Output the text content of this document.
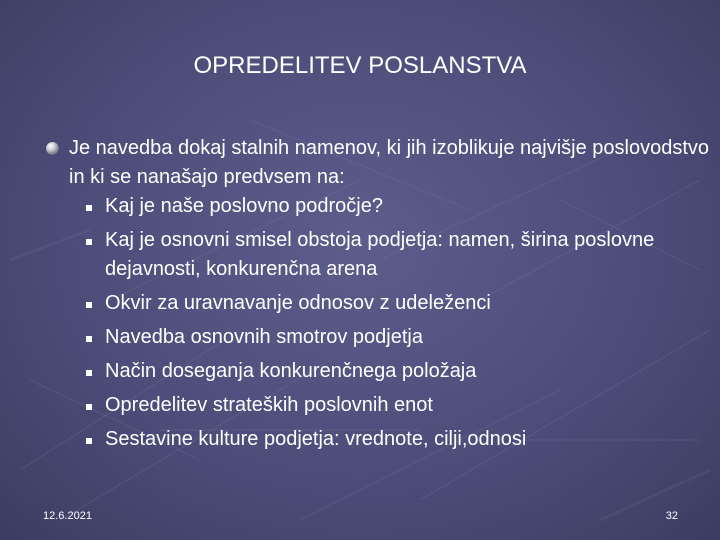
OPREDELITEV POSLANSTVA

Je navedba dokaj stalnih namenov, ki jih izoblikuje najvišje poslovodstvo in ki se nanašajo predvsem na:

Kaj je naše poslovno področje?
Kaj je osnovni smisel obstoja podjetja: namen, širina poslovne dejavnosti, konkurenčna arena
Okvir za uravnavanje odnosov z udeleženci
Navedba osnovnih smotrov podjetja
Način doseganja konkurenčnega položaja
Opredelitev strateških poslovnih enot
Sestavine kulture podjetja: vrednote, cilji,odnosi
12.6.2021	32
